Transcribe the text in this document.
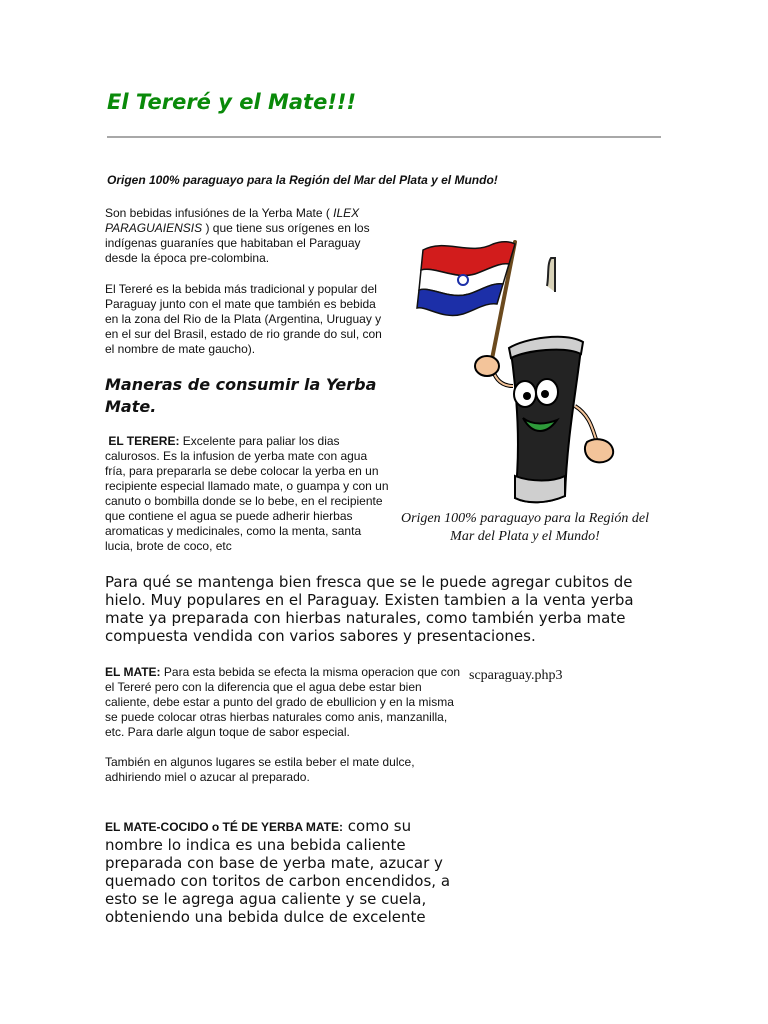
El Tereré y el Mate!!!
Origen 100% paraguayo para la Región del Mar del Plata y el Mundo!
Son bebidas infusiónes de la Yerba Mate ( ILEX PARAGUAIENSIS ) que tiene sus orígenes en los indígenas guaraníes que habitaban el Paraguay desde la época pre-colombina.
El Tereré es la bebida más tradicional y popular del Paraguay junto con el mate que también es bebida en la zona del Rio de la Plata (Argentina, Uruguay y en el sur del Brasil, estado de rio grande do sul, con el nombre de mate gaucho).
Maneras de consumir la Yerba Mate.
EL TERERE: Excelente para paliar los dias calurosos. Es la infusion de yerba mate con agua fría, para prepararla se debe colocar la yerba en un recipiente especial llamado mate, o guampa y con un canuto o bombilla donde se lo bebe, en el recipiente que contiene el agua se puede adherir hierbas aromaticas y medicinales, como la menta, santa lucia, brote de coco, etc
Para qué se mantenga bien fresca que se le puede agregar cubitos de hielo. Muy populares en el Paraguay. Existen tambien a la venta yerba mate ya preparada con hierbas naturales, como también yerba mate compuesta vendida con varios sabores y presentaciones.
EL MATE: Para esta bebida se efecta la misma operacion que con el Tereré pero con la diferencia que el agua debe estar bien caliente, debe estar a punto del grado de ebullicion y en la misma se puede colocar otras hierbas naturales como anis, manzanilla, etc. Para darle algun toque de sabor especial.
También en algunos lugares se estila beber el mate dulce, adhiriendo miel o azucar al preparado.
EL MATE-COCIDO o TÉ DE YERBA MATE: como su nombre lo indica es una bebida caliente preparada con base de yerba mate, azucar y quemado con toritos de carbon encendidos, a esto se le agrega agua caliente y se cuela, obteniendo una bebida dulce de excelente
Origen 100% paraguayo para la Región del Mar del Plata y el Mundo!
scparaguay.php3
